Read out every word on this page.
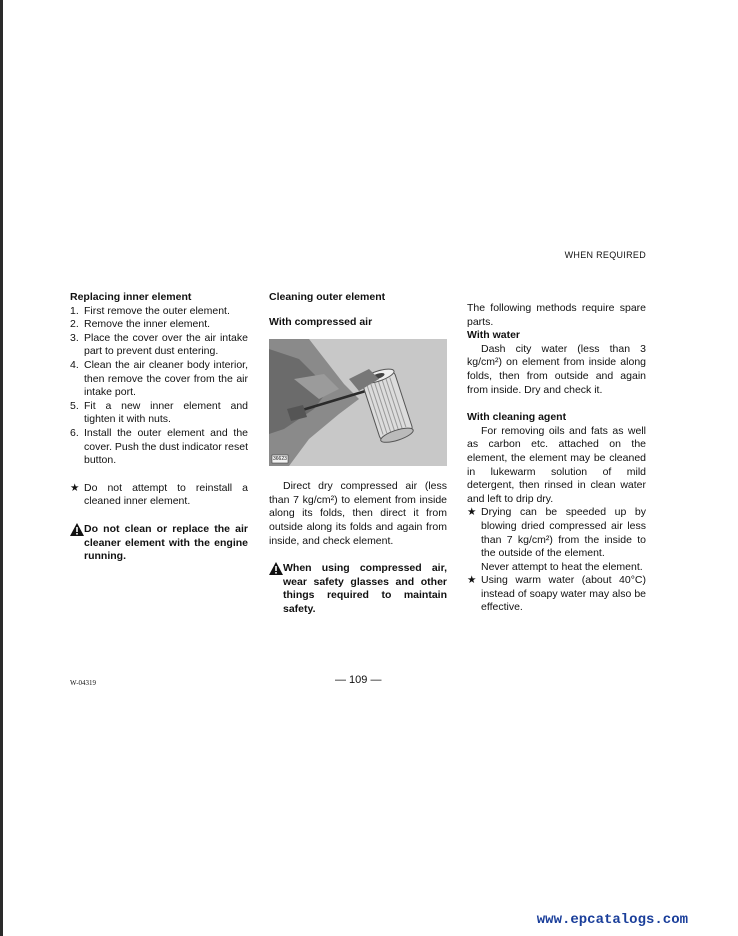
WHEN REQUIRED
Replacing inner element
1. First remove the outer element.
2. Remove the inner element.
3. Place the cover over the air intake part to prevent dust entering.
4. Clean the air cleaner body interior, then remove the cover from the air intake port.
5. Fit a new inner element and tighten it with nuts.
6. Install the outer element and the cover. Push the dust indicator reset button.
★ Do not attempt to reinstall a cleaned inner element.
Do not clean or replace the air cleaner element with the engine running.
Cleaning outer element
With compressed air
36623
Direct dry compressed air (less than 7 kg/cm²) to element from inside along its folds, then direct it from outside along its folds and again from inside, and check element.
When using compressed air, wear safety glasses and other things required to maintain safety.
The following methods require spare parts.
With water
Dash city water (less than 3 kg/cm²) on element from inside along folds, then from outside and again from inside. Dry and check it.
With cleaning agent
For removing oils and fats as well as carbon etc. attached on the element, the element may be cleaned in lukewarm solution of mild detergent, then rinsed in clean water and left to drip dry.
★ Drying can be speeded up by blowing dried compressed air less than 7 kg/cm²) from the inside to the outside of the element.
Never attempt to heat the element.
★ Using warm water (about 40°C) instead of soapy water may also be effective.
W-04319	— 109 —
www.epcatalogs.com
